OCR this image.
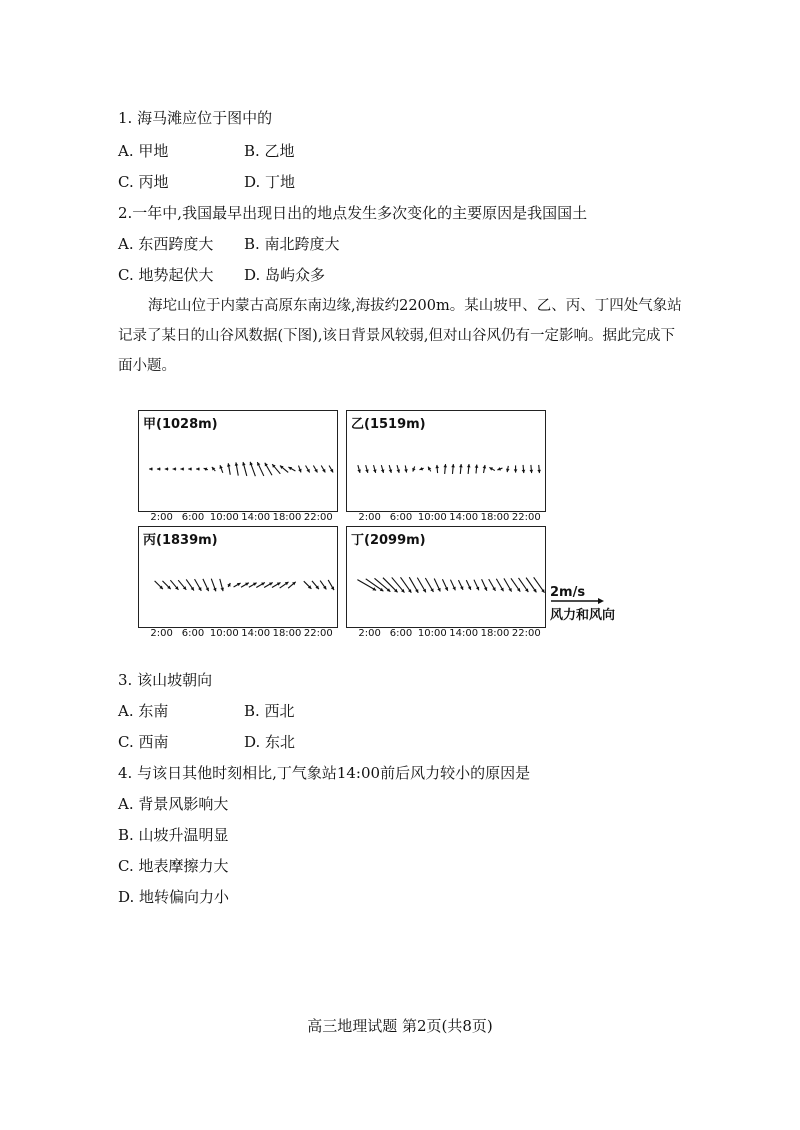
1. 海马滩应位于图中的
A. 甲地	B. 乙地
C. 丙地	D. 丁地
2.一年中,我国最早出现日出的地点发生多次变化的主要原因是我国国土
A. 东西跨度大 B. 南北跨度大
C. 地势起伏大 D. 岛屿众多
海坨山位于内蒙古高原东南边缘,海拔约2200m。某山坡甲、乙、丙、丁四处气象站记录了某日的山谷风数据(下图),该日背景风较弱,但对山谷风仍有一定影响。据此完成下面小题。
甲(1028m)	乙(1519m)
丙(1839m)	丁(2099m)
2:00 6:00 10:00 14:00 18:00 22:00	2:00 6:00 10:00 14:00 18:00 22:00
2:00 6:00 10:00 14:00 18:00 22:00	2:00 6:00 10:00 14:00 18:00 22:00
2m/s
风力和风向
3. 该山坡朝向
A. 东南	B. 西北
C. 西南	D. 东北
4. 与该日其他时刻相比,丁气象站14:00前后风力较小的原因是
A. 背景风影响大
B. 山坡升温明显
C. 地表摩擦力大
D. 地转偏向力小
高三地理试题 第2页(共8页)
